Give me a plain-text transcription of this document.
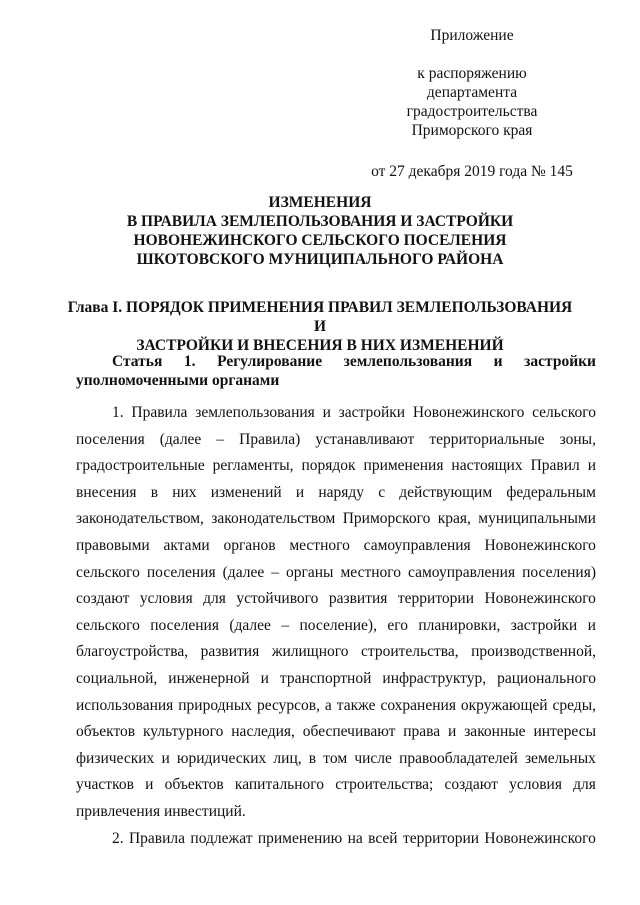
Приложение
к распоряжению
департамента градостроительства
Приморского края
от 27 декабря 2019 года № 145
ИЗМЕНЕНИЯ
В ПРАВИЛА ЗЕМЛЕПОЛЬЗОВАНИЯ И ЗАСТРОЙКИ
НОВОНЕЖИНСКОГО СЕЛЬСКОГО ПОСЕЛЕНИЯ
ШКОТОВСКОГО МУНИЦИПАЛЬНОГО РАЙОНА
Глава I. ПОРЯДОК ПРИМЕНЕНИЯ ПРАВИЛ ЗЕМЛЕПОЛЬЗОВАНИЯ И
ЗАСТРОЙКИ И ВНЕСЕНИЯ В НИХ ИЗМЕНЕНИЙ
Статья 1. Регулирование землепользования и застройки
уполномоченными органами
1. Правила землепользования и застройки Новонежинского сельского
поселения (далее – Правила) устанавливают территориальные зоны,
градостроительные регламенты, порядок применения настоящих Правил и
внесения в них изменений и наряду с действующим федеральным
законодательством, законодательством Приморского края, муниципальными
правовыми актами органов местного самоуправления Новонежинского
сельского поселения (далее – органы местного самоуправления поселения)
создают условия для устойчивого развития территории Новонежинского
сельского поселения (далее – поселение), его планировки, застройки и
благоустройства, развития жилищного строительства, производственной,
социальной, инженерной и транспортной инфраструктур, рационального
использования природных ресурсов, а также сохранения окружающей среды,
объектов культурного наследия, обеспечивают права и законные интересы
физических и юридических лиц, в том числе правообладателей земельных
участков и объектов капитального строительства; создают условия для
привлечения инвестиций.
2. Правила подлежат применению на всей территории Новонежинского
